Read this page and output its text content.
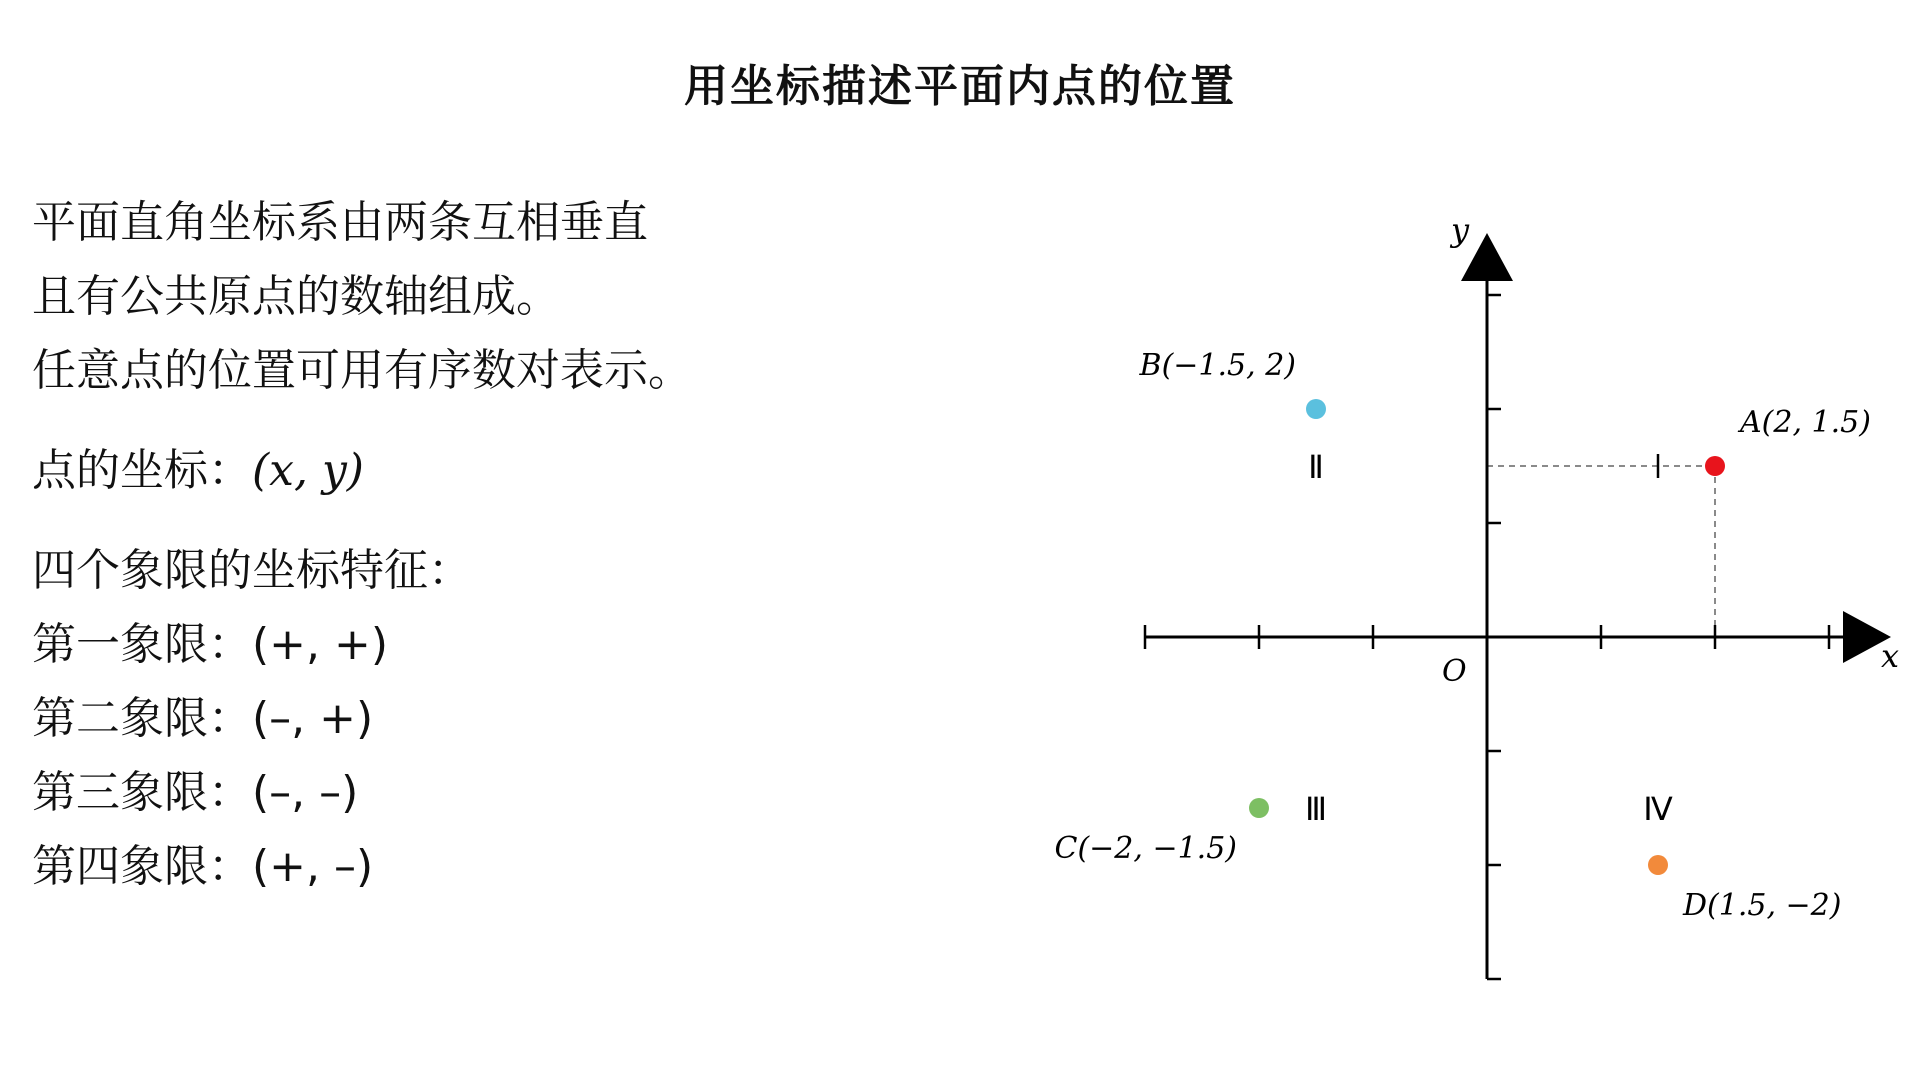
用坐标描述平面内点的位置
平面直角坐标系由两条互相垂直
且有公共原点的数轴组成。
任意点的位置可用有序数对表示。
点的坐标：(x, y)
四个象限的坐标特征：
第一象限：(+, +)
第二象限：(–, +)
第三象限：(–, –)
第四象限：(+, –)
x
y
O
Ⅱ
Ⅲ	Ⅳ
A(2, 1.5)
B(−1.5, 2)
C(−2, −1.5)
D(1.5, −2)
